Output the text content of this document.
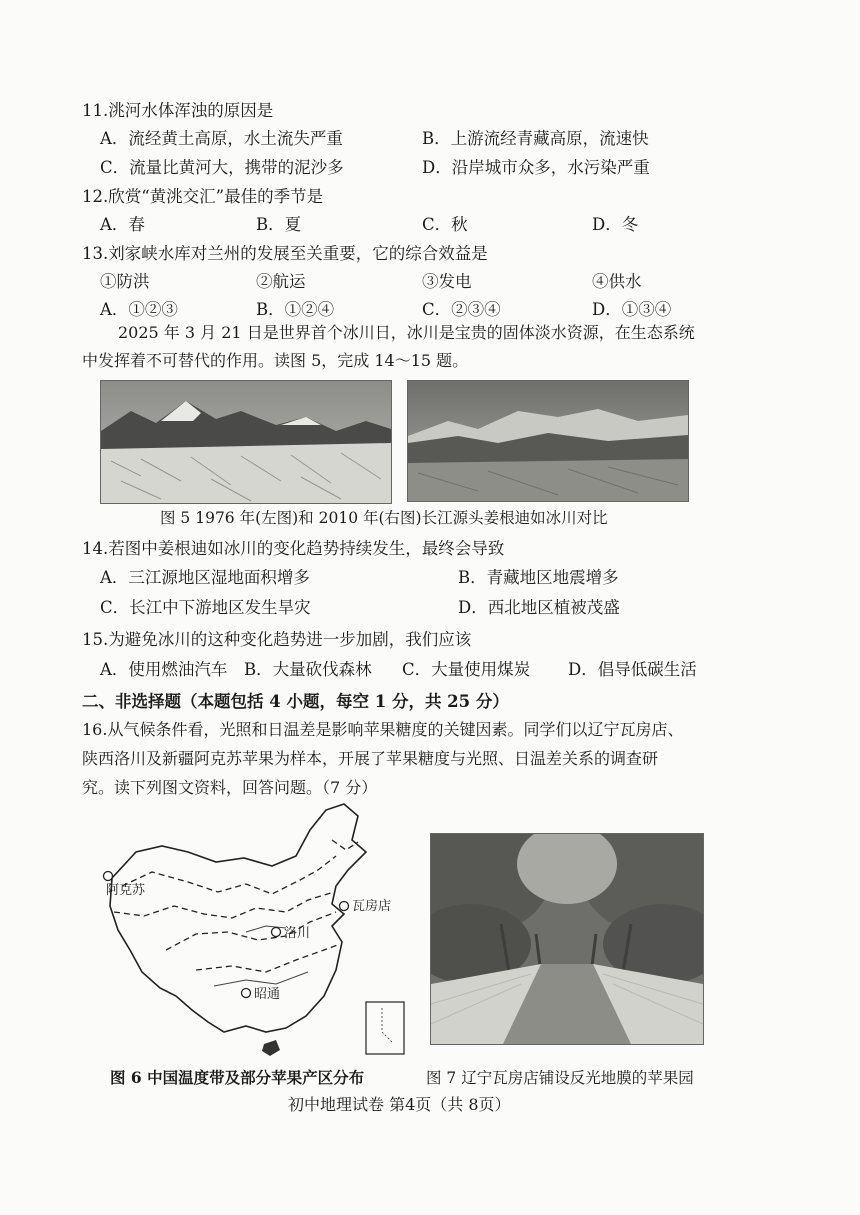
11.洮河水体浑浊的原因是
A．流经黄土高原，水土流失严重	B．上游流经青藏高原，流速快
C．流量比黄河大，携带的泥沙多	D．沿岸城市众多，水污染严重
12.欣赏“黄洮交汇”最佳的季节是
A．春	B．夏	C．秋	D．冬
13.刘家峡水库对兰州的发展至关重要，它的综合效益是
①防洪	②航运	③发电	④供水
A．①②③	B．①②④	C．②③④	D．①③④
2025 年 3 月 21 日是世界首个冰川日，冰川是宝贵的固体淡水资源，在生态系统
中发挥着不可替代的作用。读图 5，完成 14～15 题。
图 5 1976 年(左图)和 2010 年(右图)长江源头姜根迪如冰川对比
14.若图中姜根迪如冰川的变化趋势持续发生，最终会导致
A．三江源地区湿地面积增多	B．青藏地区地震增多
C．长江中下游地区发生旱灾	D．西北地区植被茂盛
15.为避免冰川的这种变化趋势进一步加剧，我们应该
A．使用燃油汽车 B．大量砍伐森林 C．大量使用煤炭 D．倡导低碳生活
二、非选择题（本题包括 4 小题，每空 1 分，共 25 分）
16.从气候条件看，光照和日温差是影响苹果糖度的关键因素。同学们以辽宁瓦房店、
陕西洛川及新疆阿克苏苹果为样本，开展了苹果糖度与光照、日温差关系的调查研
究。读下列图文资料，回答问题。（7 分）
阿克苏
瓦房店
洛川
昭通
图 6 中国温度带及部分苹果产区分布	图 7 辽宁瓦房店铺设反光地膜的苹果园
初中地理试卷 第4页（共 8页）
